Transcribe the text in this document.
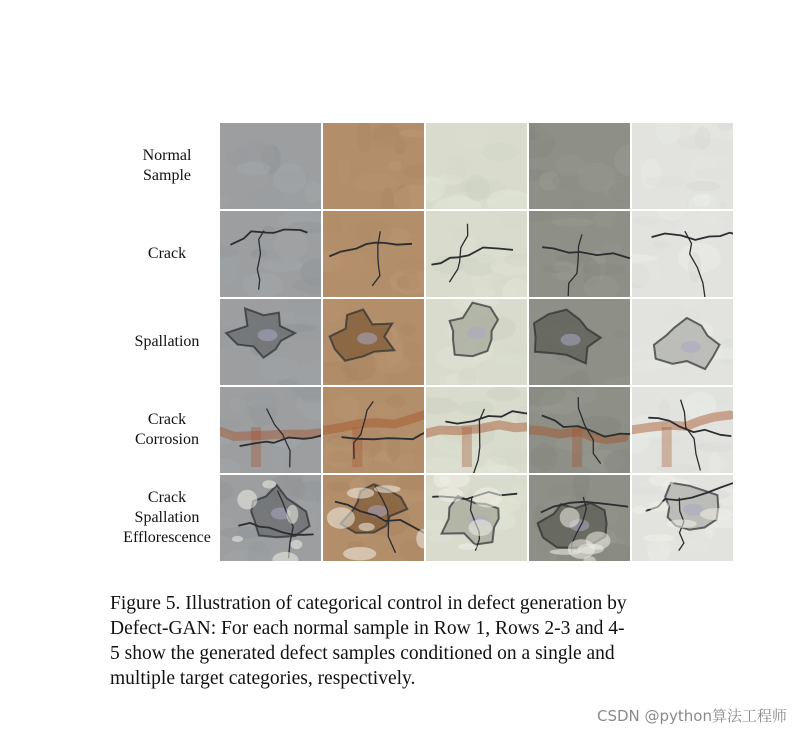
Normal
Sample
Crack
Spallation
Crack
Corrosion
Crack
Spallation
Efflorescence
Figure 5. Illustration of categorical control in defect generation by
Defect-GAN: For each normal sample in Row 1, Rows 2-3 and 4-
5 show the generated defect samples conditioned on a single and
multiple target categories, respectively.
CSDN @python算法工程师
